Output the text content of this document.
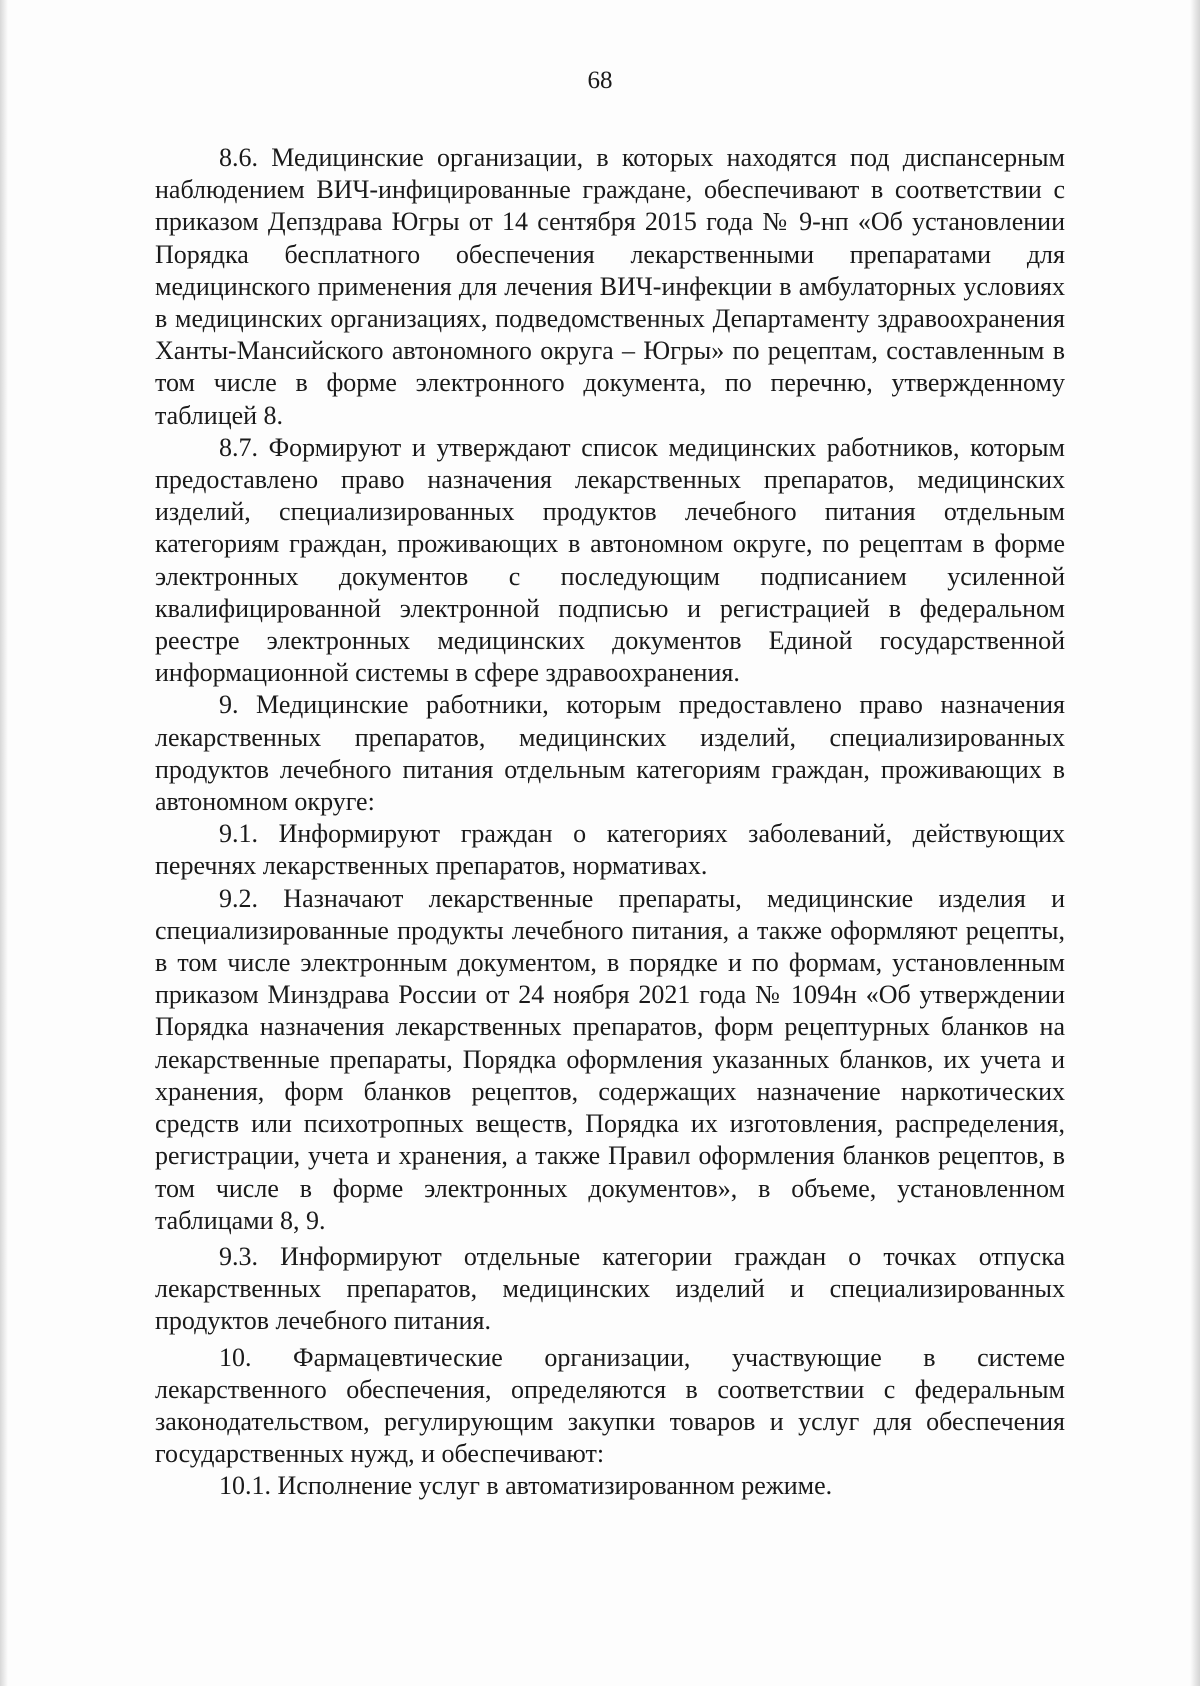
68

8.6. Медицинские организации, в которых находятся под диспансерным наблюдением ВИЧ-инфицированные граждане, обеспечивают в соответствии с приказом Депздрава Югры от 14 сентября 2015 года № 9-нп «Об установлении Порядка бесплатного обеспечения лекарственными препаратами для медицинского применения для лечения ВИЧ-инфекции в амбулаторных условиях в медицинских организациях, подведомственных Департаменту здравоохранения Ханты-Мансийского автономного округа – Югры» по рецептам, составленным в том числе в форме электронного документа, по перечню, утвержденному таблицей 8.

8.7. Формируют и утверждают список медицинских работников, которым предоставлено право назначения лекарственных препаратов, медицинских изделий, специализированных продуктов лечебного питания отдельным категориям граждан, проживающих в автономном округе, по рецептам в форме электронных документов с последующим подписанием усиленной квалифицированной электронной подписью и регистрацией в федеральном реестре электронных медицинских документов Единой государственной информационной системы в сфере здравоохранения.

9. Медицинские работники, которым предоставлено право назначения лекарственных препаратов, медицинских изделий, специализированных продуктов лечебного питания отдельным категориям граждан, проживающих в автономном округе:

9.1. Информируют граждан о категориях заболеваний, действующих перечнях лекарственных препаратов, нормативах.

9.2. Назначают лекарственные препараты, медицинские изделия и специализированные продукты лечебного питания, а также оформляют рецепты, в том числе электронным документом, в порядке и по формам, установленным приказом Минздрава России от 24 ноября 2021 года № 1094н «Об утверждении Порядка назначения лекарственных препаратов, форм рецептурных бланков на лекарственные препараты, Порядка оформления указанных бланков, их учета и хранения, форм бланков рецептов, содержащих назначение наркотических средств или психотропных веществ, Порядка их изготовления, распределения, регистрации, учета и хранения, а также Правил оформления бланков рецептов, в том числе в форме электронных документов», в объеме, установленном таблицами 8, 9.

9.3. Информируют отдельные категории граждан о точках отпуска лекарственных препаратов, медицинских изделий и специализированных продуктов лечебного питания.

10. Фармацевтические организации, участвующие в системе лекарственного обеспечения, определяются в соответствии с федеральным законодательством, регулирующим закупки товаров и услуг для обеспечения государственных нужд, и обеспечивают:

10.1. Исполнение услуг в автоматизированном режиме.
